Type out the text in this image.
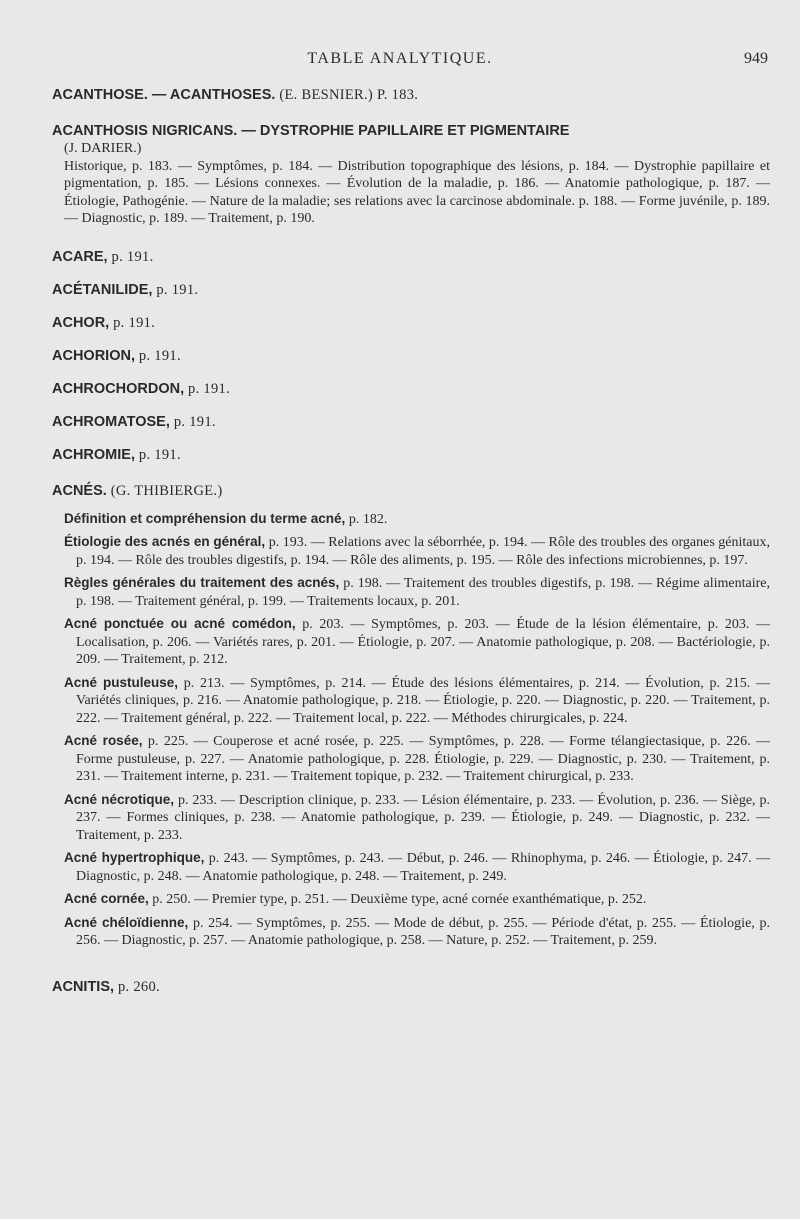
TABLE ANALYTIQUE.	949
ACANTHOSE. — ACANTHOSES. (E. BESNIER.) P. 183.
ACANTHOSIS NIGRICANS. — DYSTROPHIE PAPILLAIRE ET PIGMENTAIRE
(J. DARIER.)
Historique, p. 183. — Symptômes, p. 184. — Distribution topographique des lésions, p. 184. — Dystrophie papillaire et pigmentation, p. 185. — Lésions connexes. — Évolution de la maladie, p. 186. — Anatomie pathologique, p. 187. — Étiologie, Pathogénie. — Nature de la maladie; ses relations avec la carcinose abdominale. p. 188. — Forme juvénile, p. 189. — Diagnostic, p. 189. — Traitement, p. 190.
ACARE, p. 191.
ACÉTANILIDE, p. 191.
ACHOR, p. 191.
ACHORION, p. 191.
ACHROCHORDON, p. 191.
ACHROMATOSE, p. 191.
ACHROMIE, p. 191.
ACNÉS. (G. THIBIERGE.)
Définition et compréhension du terme acné, p. 182.
Étiologie des acnés en général, p. 193. — Relations avec la séborrhée, p. 194. — Rôle des troubles des organes génitaux, p. 194. — Rôle des troubles digestifs, p. 194. — Rôle des aliments, p. 195. — Rôle des infections microbiennes, p. 197.
Règles générales du traitement des acnés, p. 198. — Traitement des troubles digestifs, p. 198. — Régime alimentaire, p. 198. — Traitement général, p. 199. — Traitements locaux, p. 201.
Acné ponctuée ou acné comédon, p. 203. — Symptômes, p. 203. — Étude de la lésion élémentaire, p. 203. — Localisation, p. 206. — Variétés rares, p. 201. — Étiologie, p. 207. — Anatomie pathologique, p. 208. — Bactériologie, p. 209. — Traitement, p. 212.
Acné pustuleuse, p. 213. — Symptômes, p. 214. — Étude des lésions élémentaires, p. 214. — Évolution, p. 215. — Variétés cliniques, p. 216. — Anatomie pathologique, p. 218. — Étiologie, p. 220. — Diagnostic, p. 220. — Traitement, p. 222. — Traitement général, p. 222. — Traitement local, p. 222. — Méthodes chirurgicales, p. 224.
Acné rosée, p. 225. — Couperose et acné rosée, p. 225. — Symptômes, p. 228. — Forme télangiectasique, p. 226. — Forme pustuleuse, p. 227. — Anatomie pathologique, p. 228. Étiologie, p. 229. — Diagnostic, p. 230. — Traitement, p. 231. — Traitement interne, p. 231. — Traitement topique, p. 232. — Traitement chirurgical, p. 233.
Acné nécrotique, p. 233. — Description clinique, p. 233. — Lésion élémentaire, p. 233. — Évolution, p. 236. — Siège, p. 237. — Formes cliniques, p. 238. — Anatomie pathologique, p. 239. — Étiologie, p. 249. — Diagnostic, p. 232. — Traitement, p. 233.
Acné hypertrophique, p. 243. — Symptômes, p. 243. — Début, p. 246. — Rhinophyma, p. 246. — Étiologie, p. 247. — Diagnostic, p. 248. — Anatomie pathologique, p. 248. — Traitement, p. 249.
Acné cornée, p. 250. — Premier type, p. 251. — Deuxième type, acné cornée exanthématique, p. 252.
Acné chéloïdienne, p. 254. — Symptômes, p. 255. — Mode de début, p. 255. — Période d'état, p. 255. — Étiologie, p. 256. — Diagnostic, p. 257. — Anatomie pathologique, p. 258. — Nature, p. 252. — Traitement, p. 259.
ACNITIS, p. 260.
